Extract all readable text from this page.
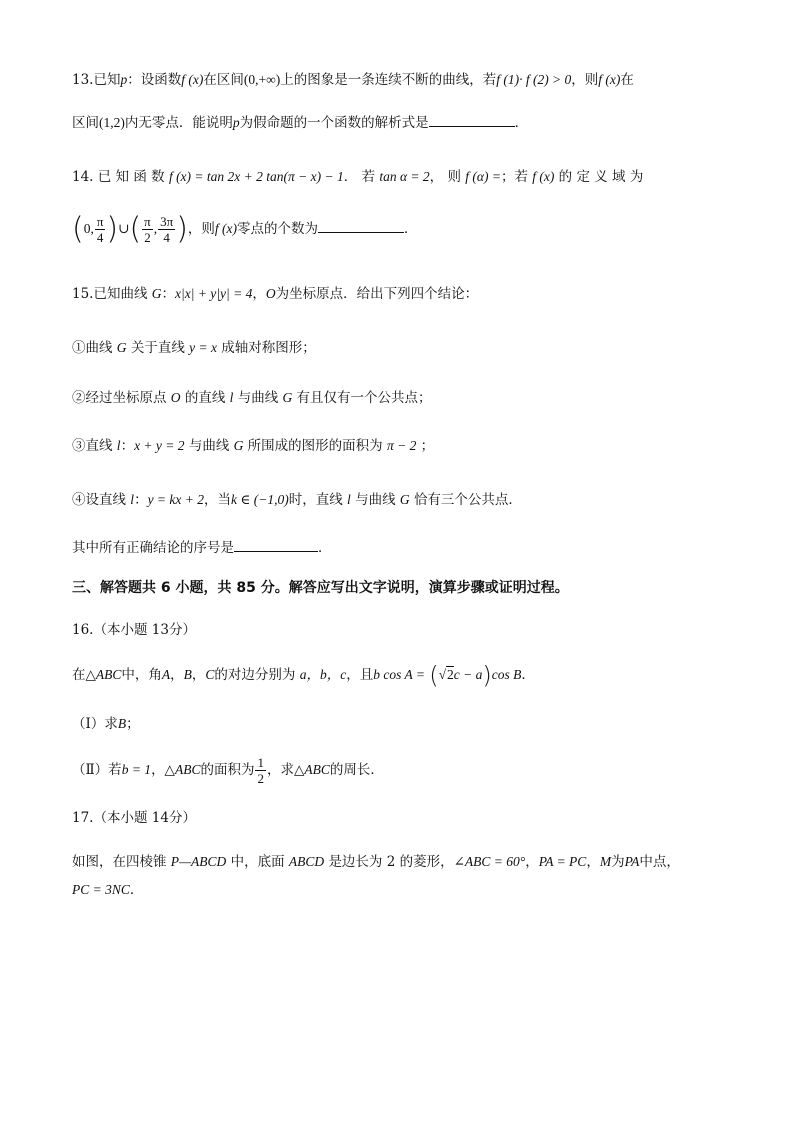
13.已知p：设函数f (x)在区间(0,+∞)上的图象是一条连续不断的曲线，若f (1)· f (2) > 0，则f (x)在
区间(1,2)内无零点．能说明p为假命题的一个函数的解析式是	．
14. 已 知 函 数 f (x) = tan 2x + 2 tan(π − x) − 1． 若 tan α = 2， 则 f (α) =；若 f (x) 的 定 义 域 为
(0, $\frac{\pi}{4}$ )∪( $\frac{\pi}{2}$ , $\frac{3\pi}{4}$ )，则f (x)零点的个数为	．
15.已知曲线 G：x|x| + y|y| = 4，O为坐标原点．给出下列四个结论：
①曲线 G 关于直线 y = x 成轴对称图形；
②经过坐标原点 O 的直线 l 与曲线 G 有且仅有一个公共点；
③直线 l：x + y = 2 与曲线 G 所围成的图形的面积为 π − 2 ；
④设直线 l：y = kx + 2，当k ∈ (−1,0)时，直线 l 与曲线 G 恰有三个公共点．
其中所有正确结论的序号是	．
三、解答题共 6 小题，共 85 分。解答应写出文字说明，演算步骤或证明过程。
16.（本小题 13分）
在△ABC中，角A，B，C的对边分别为 a，b，c，且b cos A = (√2c − a)cos B．
（Ⅰ）求B；
（Ⅱ）若b = 1，△ABC的面积为 $\frac{1}{2}$ ，求△ABC的周长．
17.（本小题 14分）
如图，在四棱锥 P—ABCD 中，底面 ABCD 是边长为 2 的菱形，∠ABC = 60°，PA = PC，M为PA中点，
PC = 3NC．
